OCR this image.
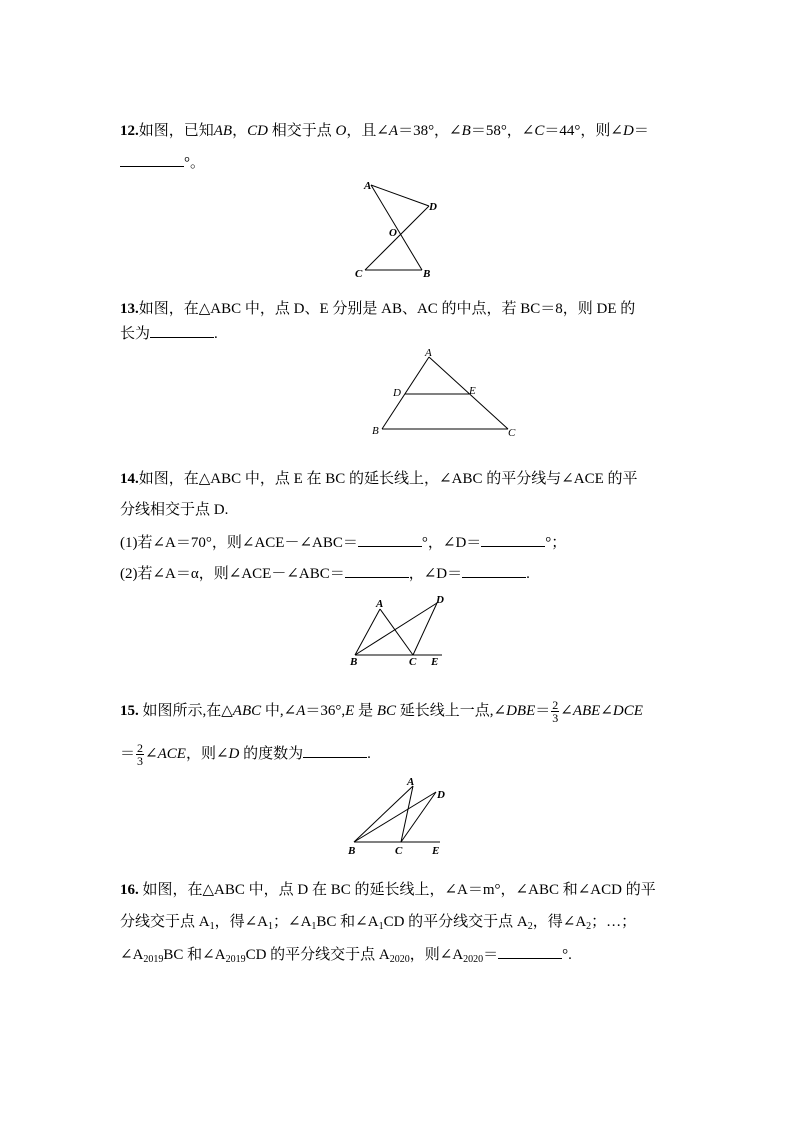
12.如图，已知AB，CD 相交于点 O，且∠A＝38°，∠B＝58°，∠C＝44°，则∠D＝
°。
A
D
O
C	B
13.如图，在△ABC 中，点 D、E 分别是 AB、AC 的中点，若 BC＝8，则 DE 的
长为	.
A
D	E
B	C
14.如图，在△ABC 中，点 E 在 BC 的延长线上，∠ABC 的平分线与∠ACE 的平
分线相交于点 D.
(1)若∠A＝70°，则∠ACE－∠ABC＝	°，∠D＝	°；
(2)若∠A＝α，则∠ACE－∠ABC＝	，∠D＝	.
A	D
B	C E
15. 如图所示,在△ABC 中,∠A＝36°,E 是 BC 延长线上一点,∠DBE＝ $\frac{2}{3}$ ∠ABE∠DCE
＝ $\frac{2}{3}$ ∠ACE，则∠D 的度数为	.
A
D
B	C	E
16. 如图，在△ABC 中，点 D 在 BC 的延长线上，∠A＝m°，∠ABC 和∠ACD 的平
分线交于点 $A_1$，得$\angle A_1$；$\angle A_1BC$ 和$\angle A_1CD$ 的平分线交于点 $A_2$，得$\angle A_2$；…；
$\angle A_{2019}BC$ 和$\angle A_{2019}CD$ 的平分线交于点 $A_{2020}$，则$\angle A_{2020}=$	°.
